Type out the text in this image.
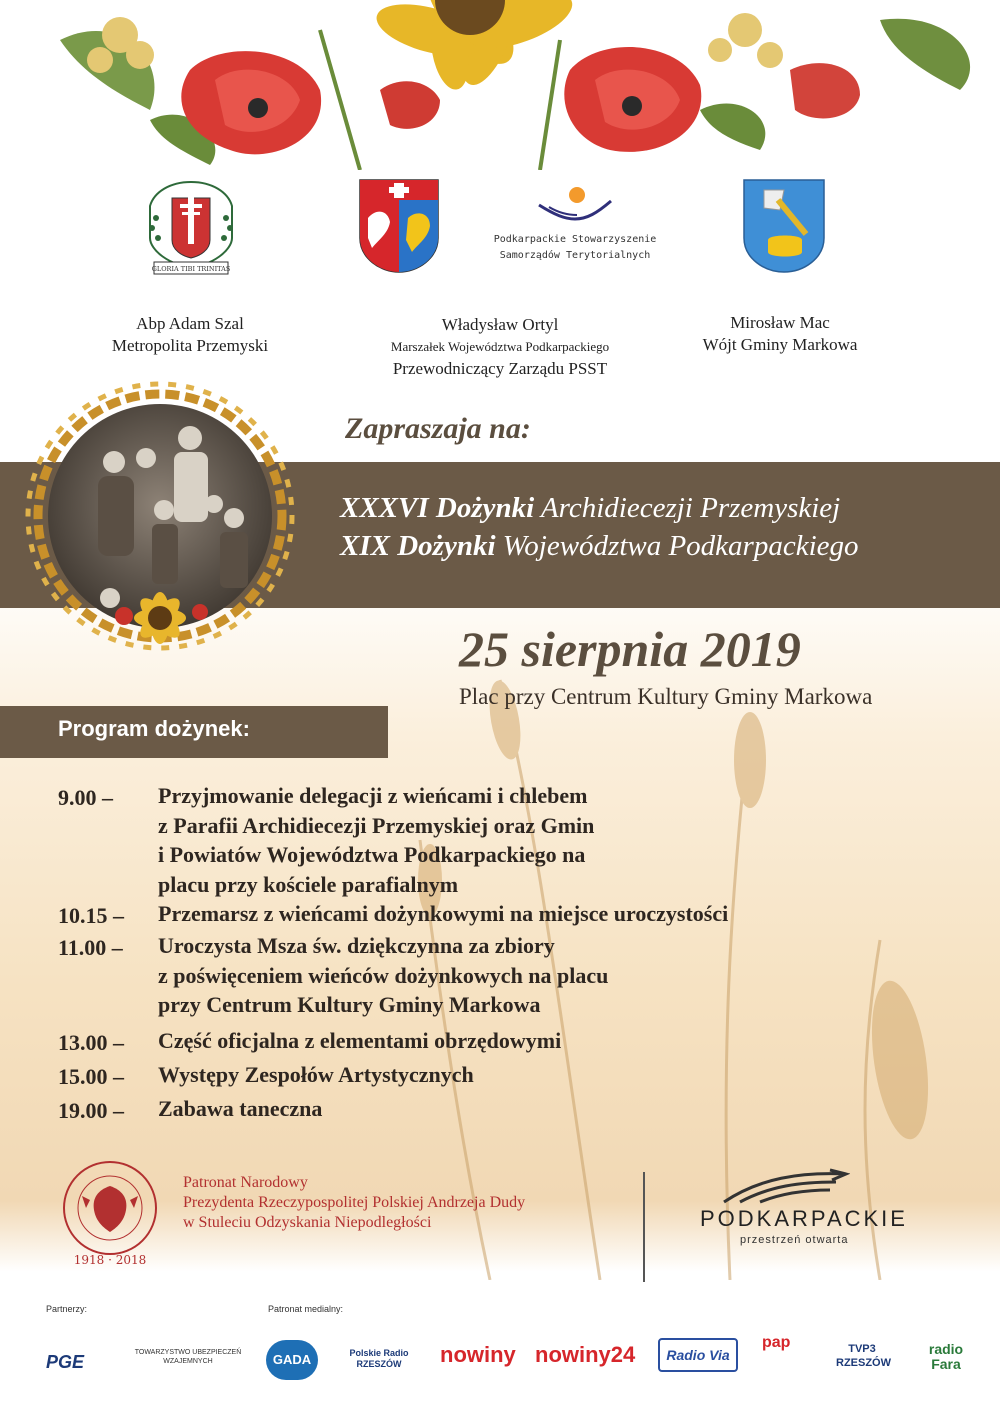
GLORIA TIBI TRINITAS
Podkarpackie Stowarzyszenie
Samorządów Terytorialnych
Abp Adam Szal
Metropolita Przemyski
Władysław Ortyl
Marszałek Województwa Podkarpackiego
Przewodniczący Zarządu PSST
Mirosław Mac
Wójt Gminy Markowa
Zapraszaja na:
XXXVI Dożynki Archidiecezji Przemyskiej
XIX Dożynki Województwa Podkarpackiego
25 sierpnia 2019
Plac przy Centrum Kultury Gminy Markowa
Program dożynek:
9.00 – Przyjmowanie delegacji z wieńcami i chlebem
z Parafii Archidiecezji Przemyskiej oraz Gmin
i Powiatów Województwa Podkarpackiego na
placu przy kościele parafialnym
10.15 – Przemarsz z wieńcami dożynkowymi na miejsce uroczystości
11.00 – Uroczysta Msza św. dziękczynna za zbiory
z poświęceniem wieńców dożynkowych na placu
przy Centrum Kultury Gminy Markowa
13.00 – Część oficjalna z elementami obrzędowymi
15.00 – Występy Zespołów Artystycznych
19.00 – Zabawa taneczna
1918 · 2018
Patronat Narodowy
Prezydenta Rzeczypospolitej Polskiej Andrzeja Dudy
w Stuleciu Odzyskania Niepodległości	PODKARPACKIE
przestrzeń otwarta
Partnerzy:	Patronat medialny:
PGE	TOWARZYSTWO UBEZPIECZEŃ WZAJEMNYCH	GADA	Polskie Radio RZESZÓW	nowiny nowiny24	Radio Via
pap	TVP3 RZESZÓW
radio Fara
